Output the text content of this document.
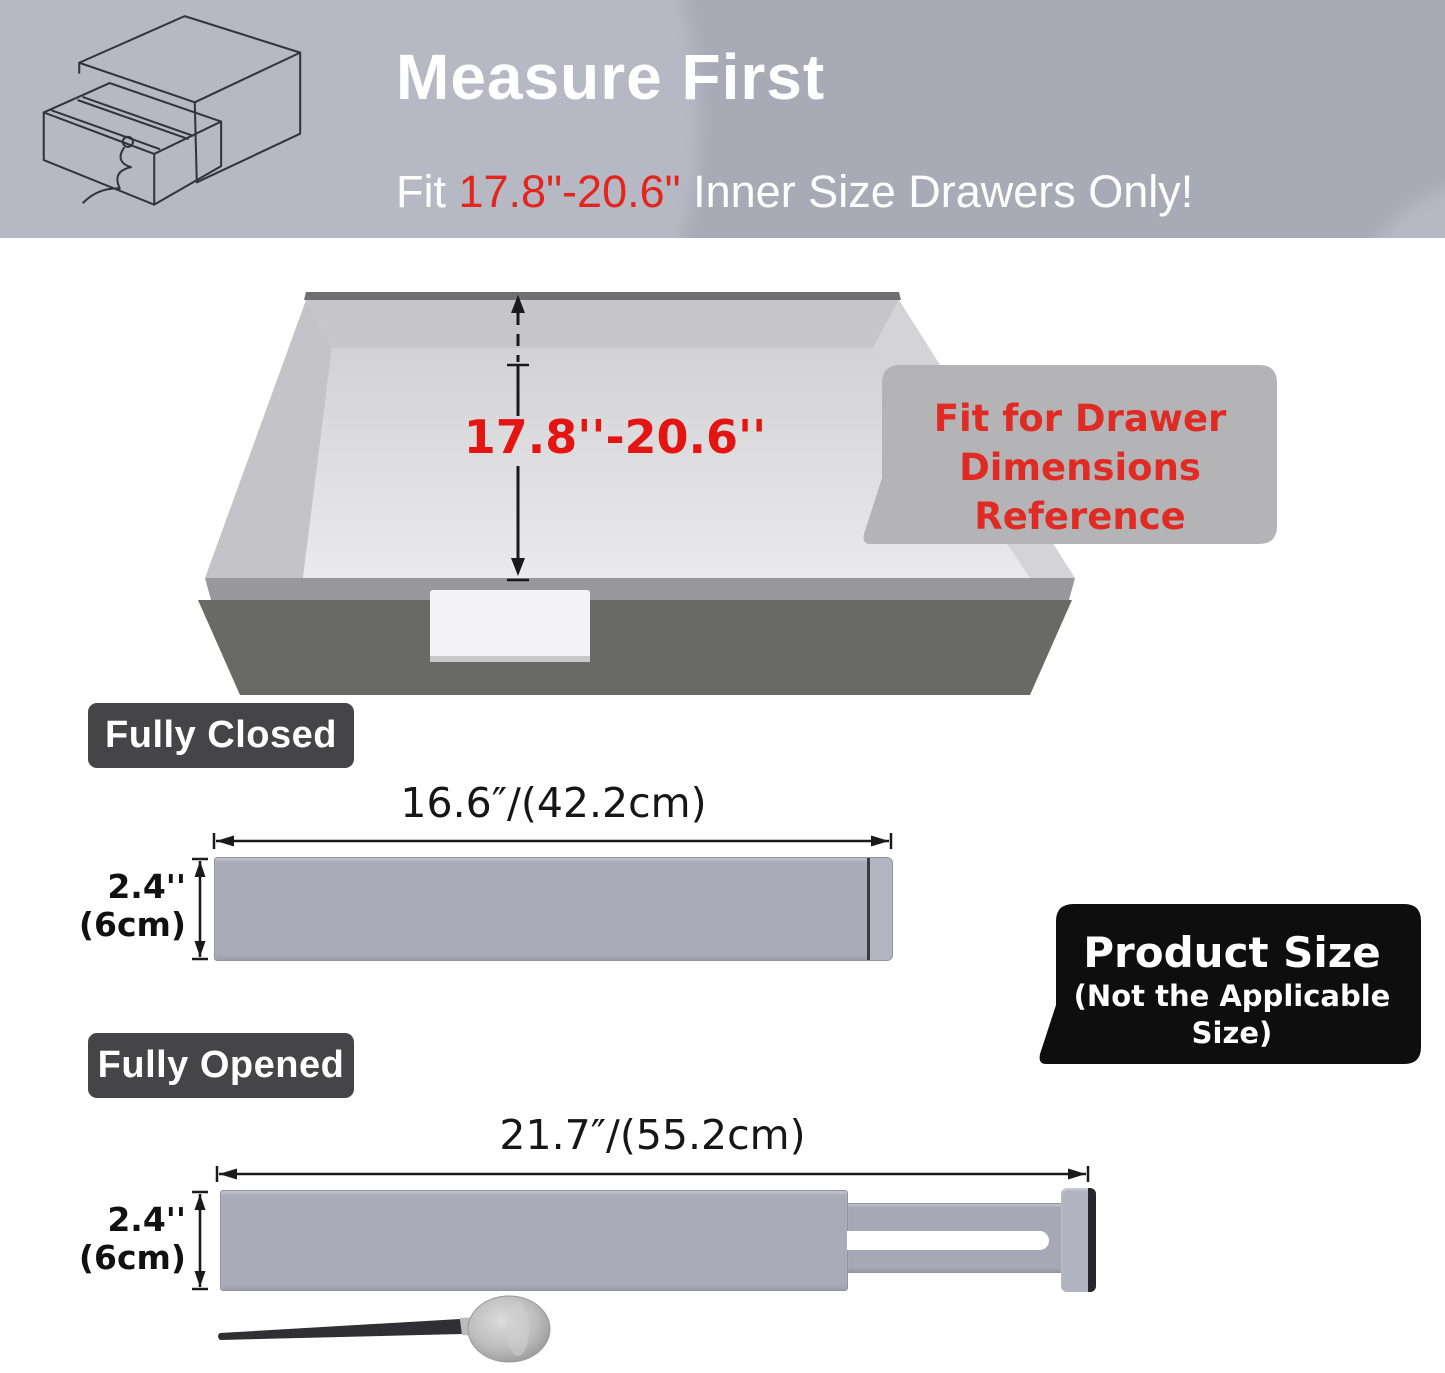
Measure First

Fit 17.8"-20.6" Inner Size Drawers Only!

17.8''-20.6''	Fit for Drawer
Dimensions Reference
Fully Closed
16.6″/(42.2cm)
2.4''
(6cm)
Product Size
(Not the Applicable Size)
Fully Opened
21.7″/(55.2cm)
2.4''
(6cm)
